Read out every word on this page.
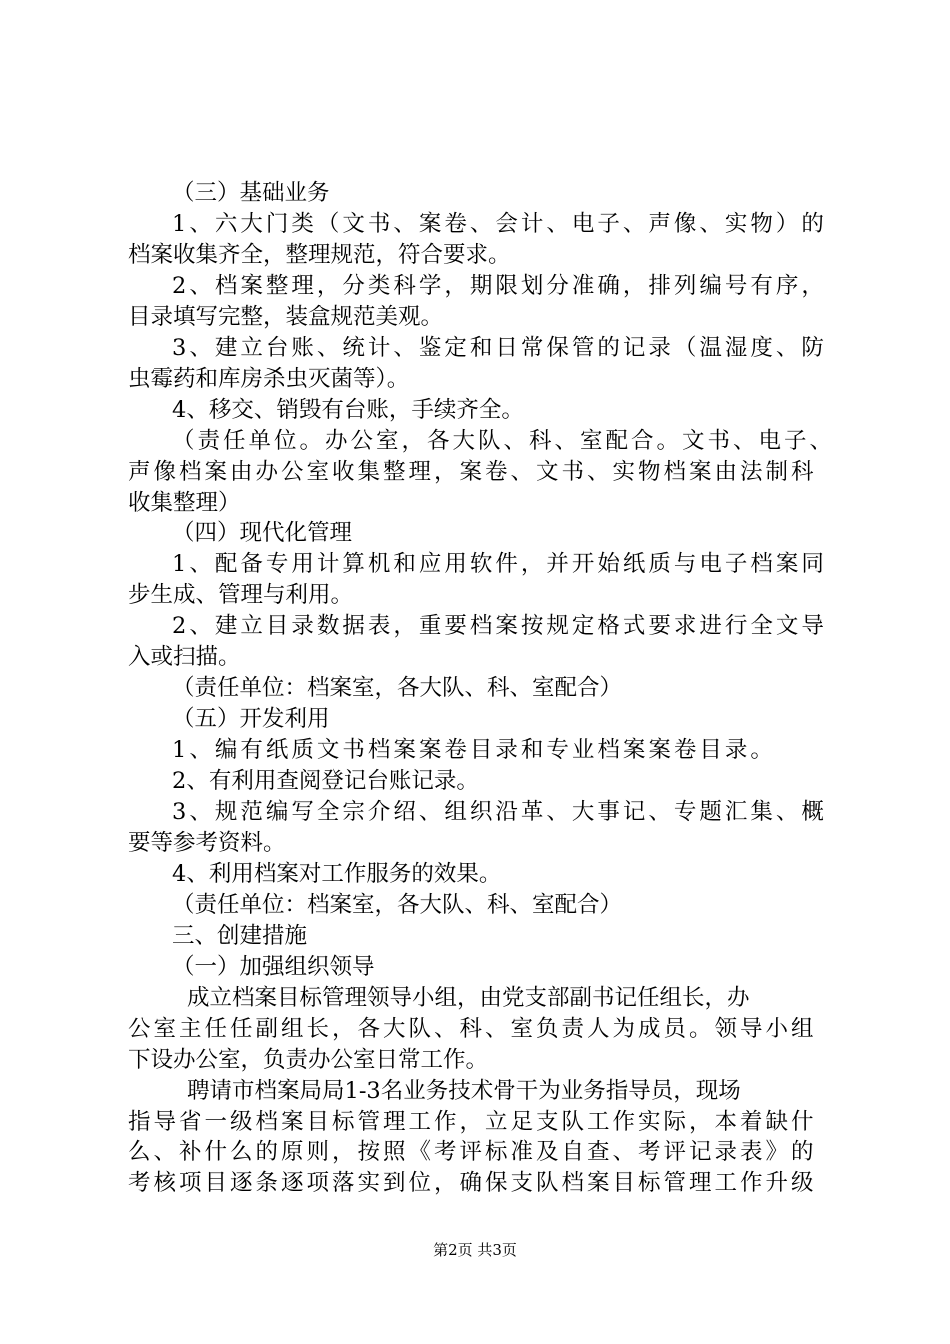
（三）基础业务

1、六大门类（文书、案卷、会计、电子、声像、实物）的

档案收集齐全，整理规范，符合要求。

2、档案整理，分类科学，期限划分准确，排列编号有序，

目录填写完整，装盒规范美观。

3、建立台账、统计、鉴定和日常保管的记录（温湿度、防

虫霉药和库房杀虫灭菌等）。

4、移交、销毁有台账，手续齐全。

（责任单位。办公室，各大队、科、室配合。文书、电子、

声像档案由办公室收集整理，案卷、文书、实物档案由法制科

收集整理）

（四）现代化管理

1、配备专用计算机和应用软件，并开始纸质与电子档案同

步生成、管理与利用。

2、建立目录数据表，重要档案按规定格式要求进行全文导

入或扫描。

（责任单位：档案室，各大队、科、室配合）

（五）开发利用

1、编有纸质文书档案案卷目录和专业档案案卷目录。

2、有利用查阅登记台账记录。

3、规范编写全宗介绍、组织沿革、大事记、专题汇集、概

要等参考资料。

4、利用档案对工作服务的效果。

（责任单位：档案室，各大队、科、室配合）

三、创建措施

（一）加强组织领导

成立档案目标管理领导小组，由党支部副书记任组长，办

公室主任任副组长，各大队、科、室负责人为成员。领导小组

下设办公室，负责办公室日常工作。

聘请市档案局局1-3名业务技术骨干为业务指导员，现场

指导省一级档案目标管理工作，立足支队工作实际，本着缺什

么、补什么的原则，按照《考评标准及自查、考评记录表》的

考核项目逐条逐项落实到位，确保支队档案目标管理工作升级

第2页 共3页
